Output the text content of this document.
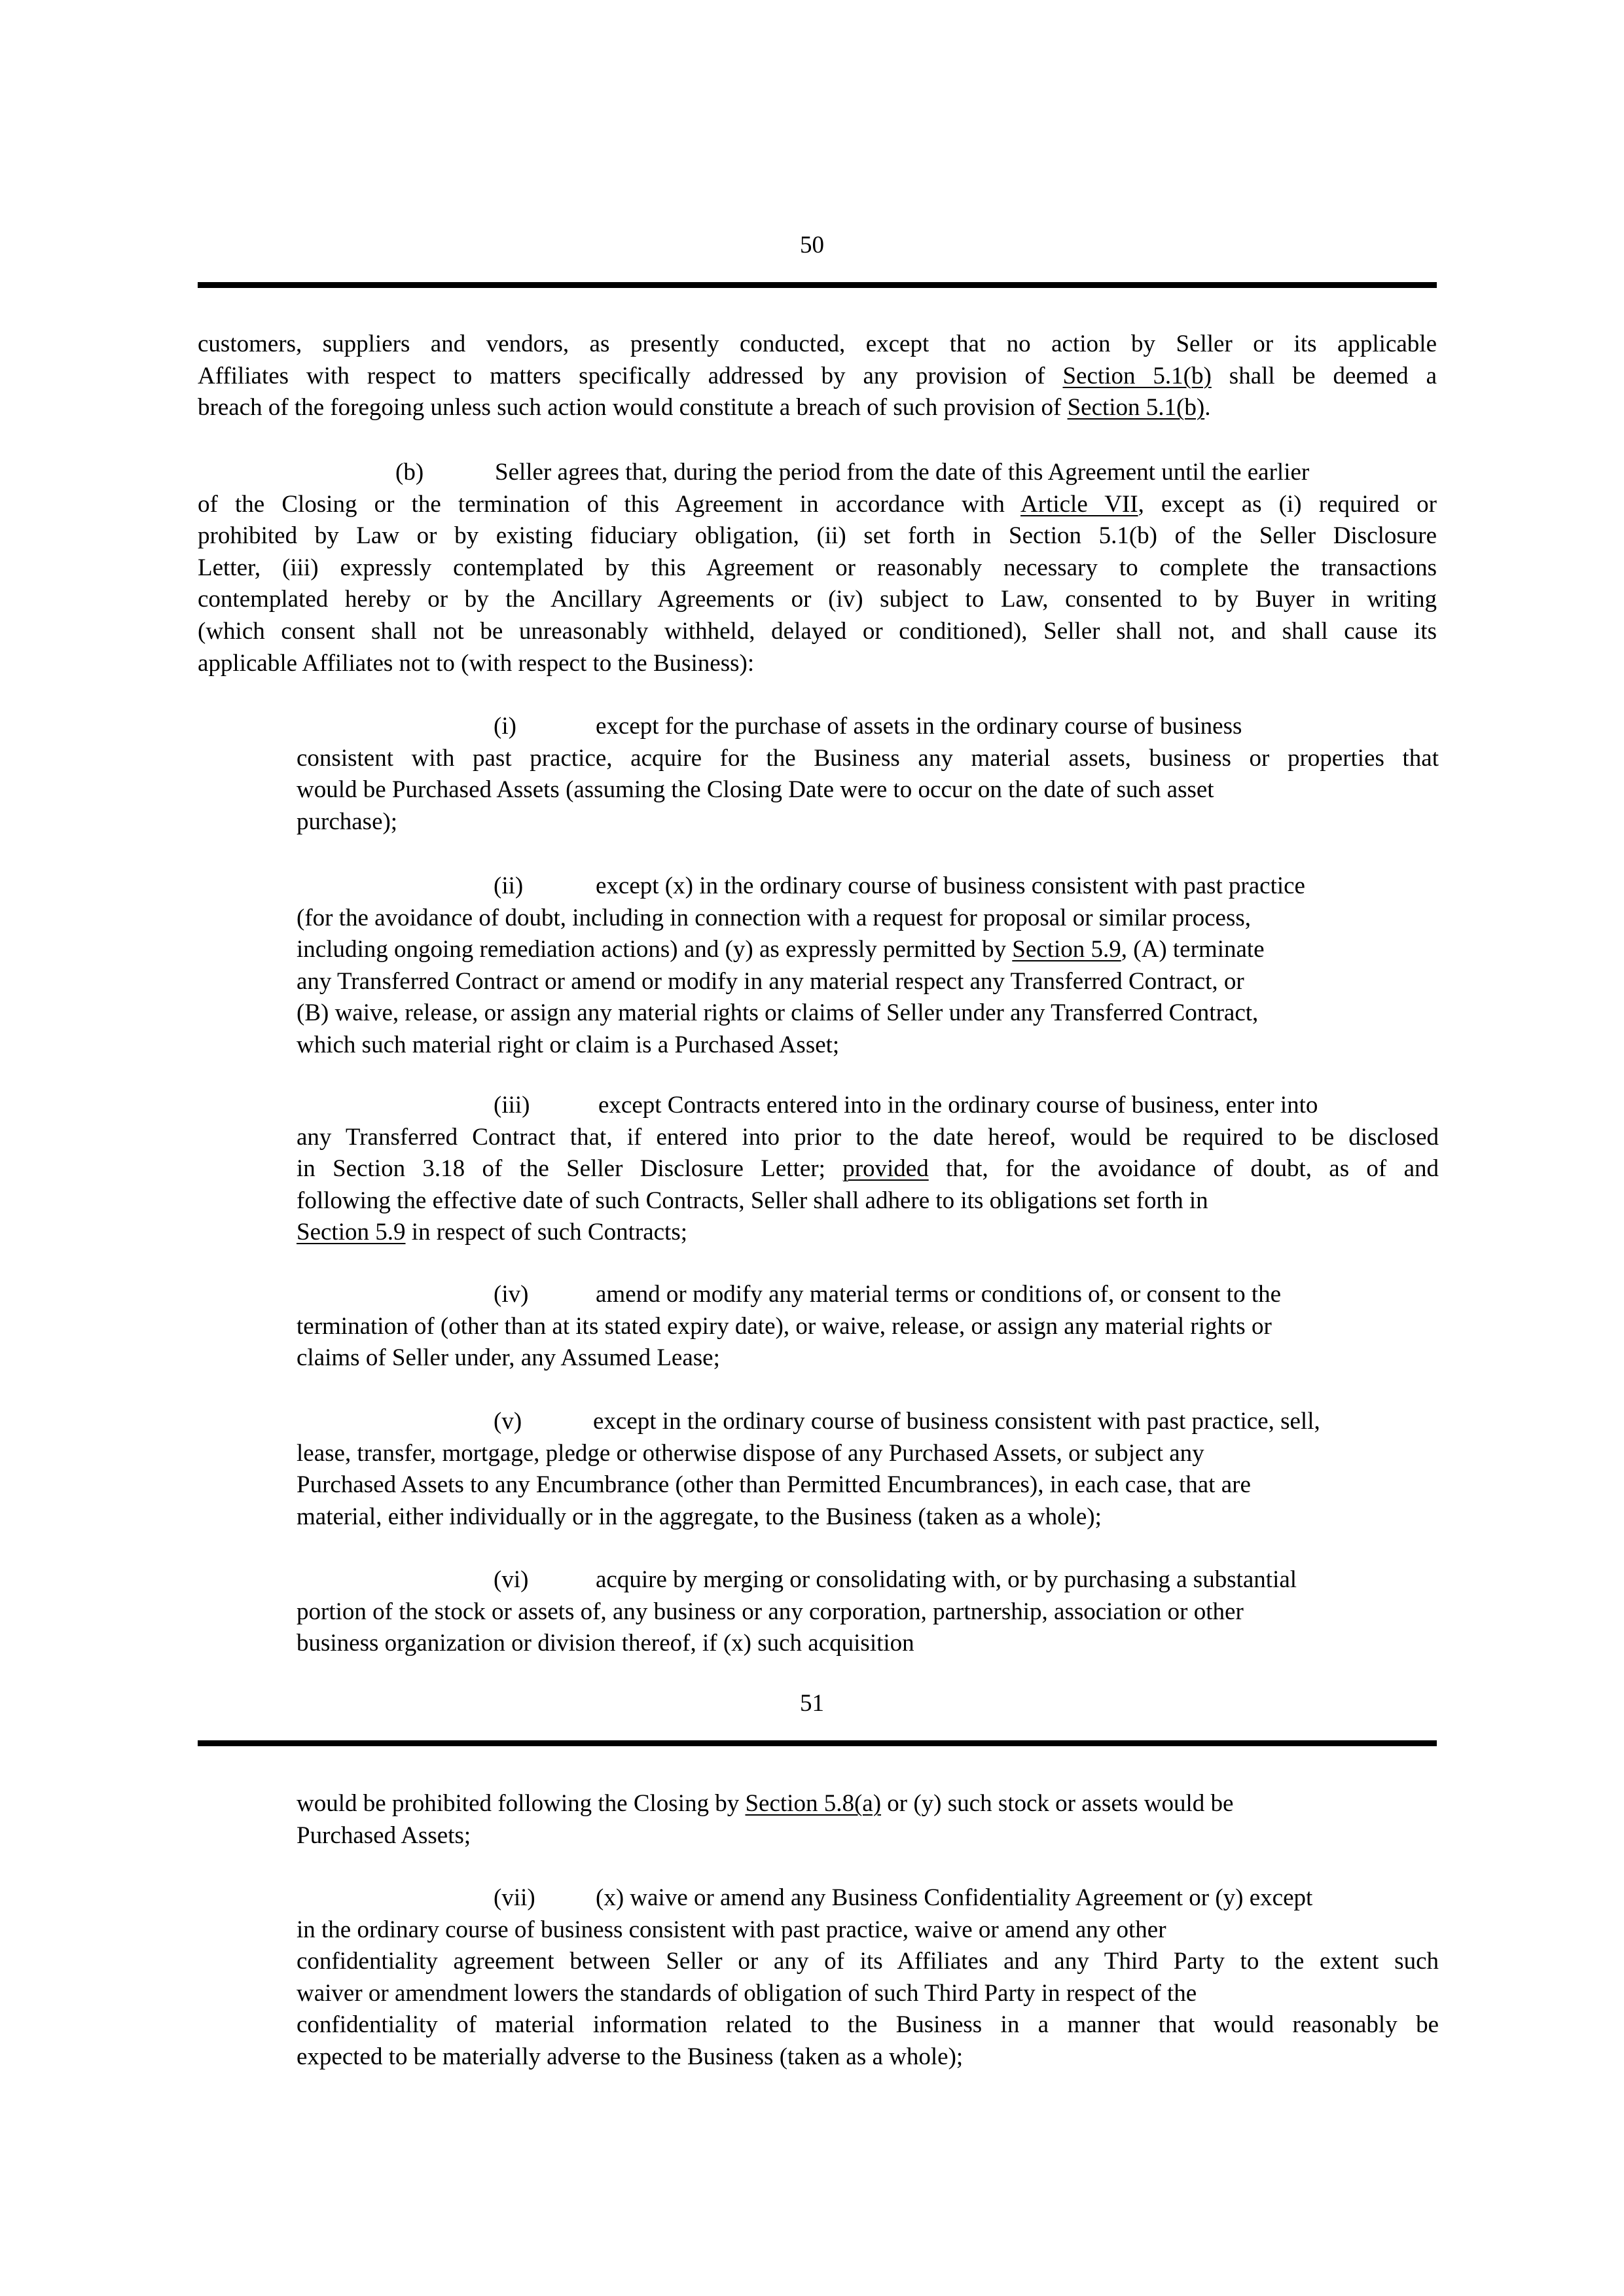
50
customers, suppliers and vendors, as presently conducted, except that no action by Seller or its applicable
Affiliates with respect to matters specifically addressed by any provision of Section 5.1(b) shall be deemed a
breach of the foregoing unless such action would constitute a breach of such provision of Section 5.1(b).
(b)	Seller agrees that, during the period from the date of this Agreement until the earlier
of the Closing or the termination of this Agreement in accordance with Article VII, except as (i) required or
prohibited by Law or by existing fiduciary obligation, (ii) set forth in Section 5.1(b) of the Seller Disclosure
Letter, (iii) expressly contemplated by this Agreement or reasonably necessary to complete the transactions
contemplated hereby or by the Ancillary Agreements or (iv) subject to Law, consented to by Buyer in writing
(which consent shall not be unreasonably withheld, delayed or conditioned), Seller shall not, and shall cause its
applicable Affiliates not to (with respect to the Business):
(i)	except for the purchase of assets in the ordinary course of business
consistent with past practice, acquire for the Business any material assets, business or properties that
would be Purchased Assets (assuming the Closing Date were to occur on the date of such asset
purchase);
(ii)	except (x) in the ordinary course of business consistent with past practice
(for the avoidance of doubt, including in connection with a request for proposal or similar process,
including ongoing remediation actions) and (y) as expressly permitted by Section 5.9, (A) terminate
any Transferred Contract or amend or modify in any material respect any Transferred Contract, or
(B) waive, release, or assign any material rights or claims of Seller under any Transferred Contract,
which such material right or claim is a Purchased Asset;
(iii)	except Contracts entered into in the ordinary course of business, enter into
any Transferred Contract that, if entered into prior to the date hereof, would be required to be disclosed
in Section 3.18 of the Seller Disclosure Letter; provided that, for the avoidance of doubt, as of and
following the effective date of such Contracts, Seller shall adhere to its obligations set forth in
Section 5.9 in respect of such Contracts;
(iv)	amend or modify any material terms or conditions of, or consent to the
termination of (other than at its stated expiry date), or waive, release, or assign any material rights or
claims of Seller under, any Assumed Lease;
(v)	except in the ordinary course of business consistent with past practice, sell,
lease, transfer, mortgage, pledge or otherwise dispose of any Purchased Assets, or subject any
Purchased Assets to any Encumbrance (other than Permitted Encumbrances), in each case, that are
material, either individually or in the aggregate, to the Business (taken as a whole);
(vi)	acquire by merging or consolidating with, or by purchasing a substantial
portion of the stock or assets of, any business or any corporation, partnership, association or other
business organization or division thereof, if (x) such acquisition
51
would be prohibited following the Closing by Section 5.8(a) or (y) such stock or assets would be
Purchased Assets;
(vii) (x) waive or amend any Business Confidentiality Agreement or (y) except
in the ordinary course of business consistent with past practice, waive or amend any other
confidentiality agreement between Seller or any of its Affiliates and any Third Party to the extent such
waiver or amendment lowers the standards of obligation of such Third Party in respect of the
confidentiality of material information related to the Business in a manner that would reasonably be
expected to be materially adverse to the Business (taken as a whole);
